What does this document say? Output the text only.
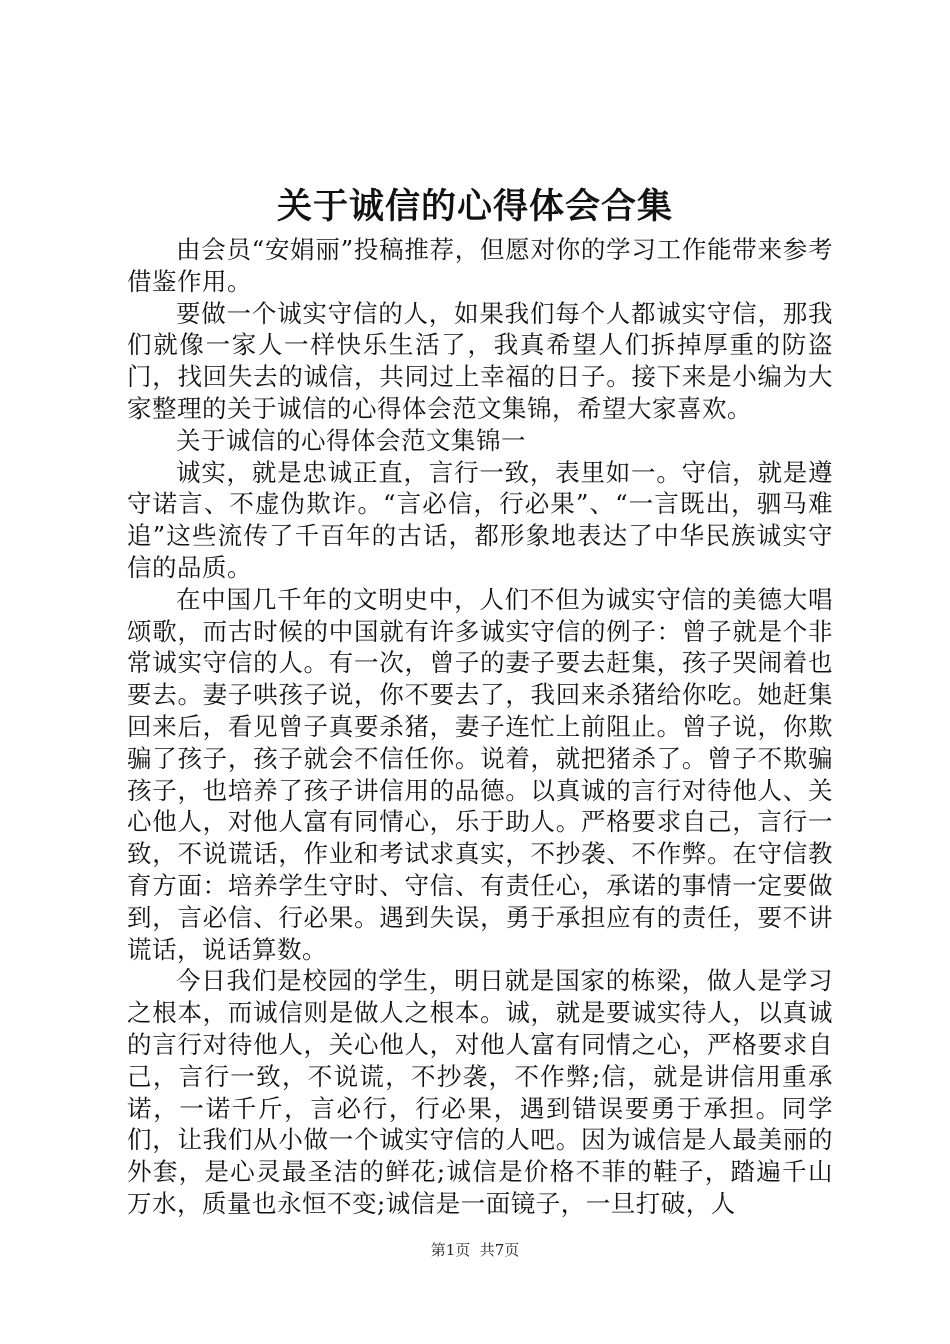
关于诚信的心得体会合集

由会员“安娟丽”投稿推荐，但愿对你的学习工作能带来参考借鉴作用。

要做一个诚实守信的人，如果我们每个人都诚实守信，那我们就像一家人一样快乐生活了，我真希望人们拆掉厚重的防盗门，找回失去的诚信，共同过上幸福的日子。接下来是小编为大家整理的关于诚信的心得体会范文集锦，希望大家喜欢。

关于诚信的心得体会范文集锦一

诚实，就是忠诚正直，言行一致，表里如一。守信，就是遵守诺言、不虚伪欺诈。“言必信，行必果”、“一言既出，驷马难追”这些流传了千百年的古话，都形象地表达了中华民族诚实守信的品质。

在中国几千年的文明史中，人们不但为诚实守信的美德大唱颂歌，而古时候的中国就有许多诚实守信的例子：曾子就是个非常诚实守信的人。有一次，曾子的妻子要去赶集，孩子哭闹着也要去。妻子哄孩子说，你不要去了，我回来杀猪给你吃。她赶集回来后，看见曾子真要杀猪，妻子连忙上前阻止。曾子说，你欺骗了孩子，孩子就会不信任你。说着，就把猪杀了。曾子不欺骗孩子，也培养了孩子讲信用的品德。以真诚的言行对待他人、关心他人，对他人富有同情心，乐于助人。严格要求自己，言行一致，不说谎话，作业和考试求真实，不抄袭、不作弊。在守信教育方面：培养学生守时、守信、有责任心，承诺的事情一定要做到，言必信、行必果。遇到失误，勇于承担应有的责任，要不讲谎话，说话算数。

今日我们是校园的学生，明日就是国家的栋梁，做人是学习之根本，而诚信则是做人之根本。诚，就是要诚实待人，以真诚的言行对待他人，关心他人，对他人富有同情之心，严格要求自己，言行一致，不说谎，不抄袭，不作弊;信，就是讲信用重承诺，一诺千斤，言必行，行必果，遇到错误要勇于承担。同学们，让我们从小做一个诚实守信的人吧。因为诚信是人最美丽的外套，是心灵最圣洁的鲜花;诚信是价格不菲的鞋子，踏遍千山万水，质量也永恒不变;诚信是一面镜子，一旦打破，人

第1页  共7页
